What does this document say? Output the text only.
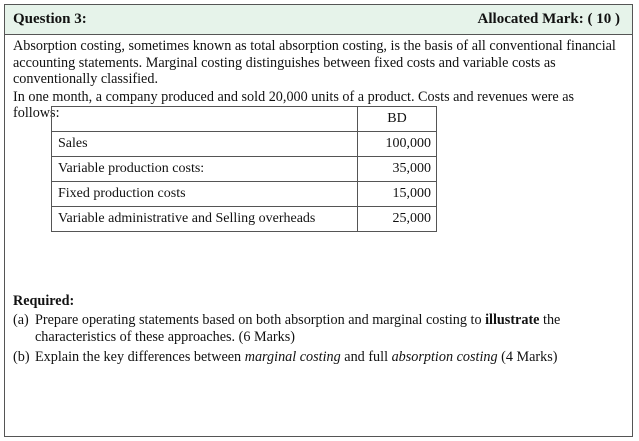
Question 3:	Allocated Mark: ( 10 )

Absorption costing, sometimes known as total absorption costing, is the basis of all conventional financial accounting statements. Marginal costing distinguishes between fixed costs and variable costs as conventionally classified.

In one month, a company produced and sold 20,000 units of a product. Costs and revenues were as follows:

		BD
Sales	100,000
Variable production costs:	35,000
Fixed production costs	15,000
Variable administrative and Selling overheads	25,000
Required:
(a) Prepare operating statements based on both absorption and marginal costing to illustrate the characteristics of these approaches. (6 Marks)
(b) Explain the key differences between marginal costing and full absorption costing (4 Marks)
